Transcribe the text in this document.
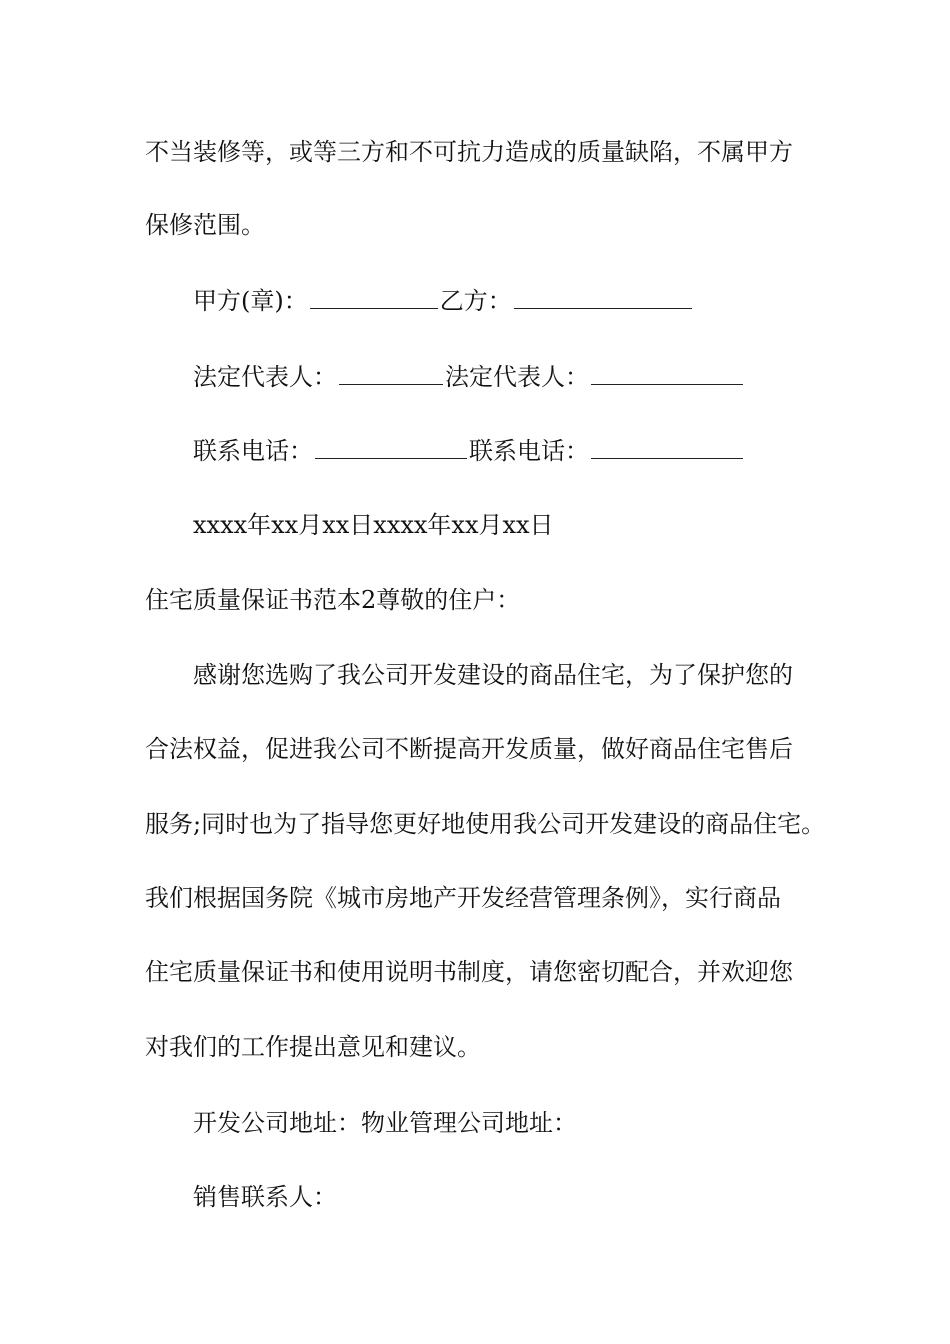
不当装修等，或等三方和不可抗力造成的质量缺陷，不属甲方
保修范围。
甲方(章)：	乙方：
法定代表人：	法定代表人：
联系电话：	联系电话：
xxxx年xx月xx日xxxx年xx月xx日
住宅质量保证书范本2尊敬的住户：
感谢您选购了我公司开发建设的商品住宅，为了保护您的
合法权益，促进我公司不断提高开发质量，做好商品住宅售后
服务;同时也为了指导您更好地使用我公司开发建设的商品住宅。
我们根据国务院《城市房地产开发经营管理条例》，实行商品
住宅质量保证书和使用说明书制度，请您密切配合，并欢迎您
对我们的工作提出意见和建议。
开发公司地址：物业管理公司地址：
销售联系人：
